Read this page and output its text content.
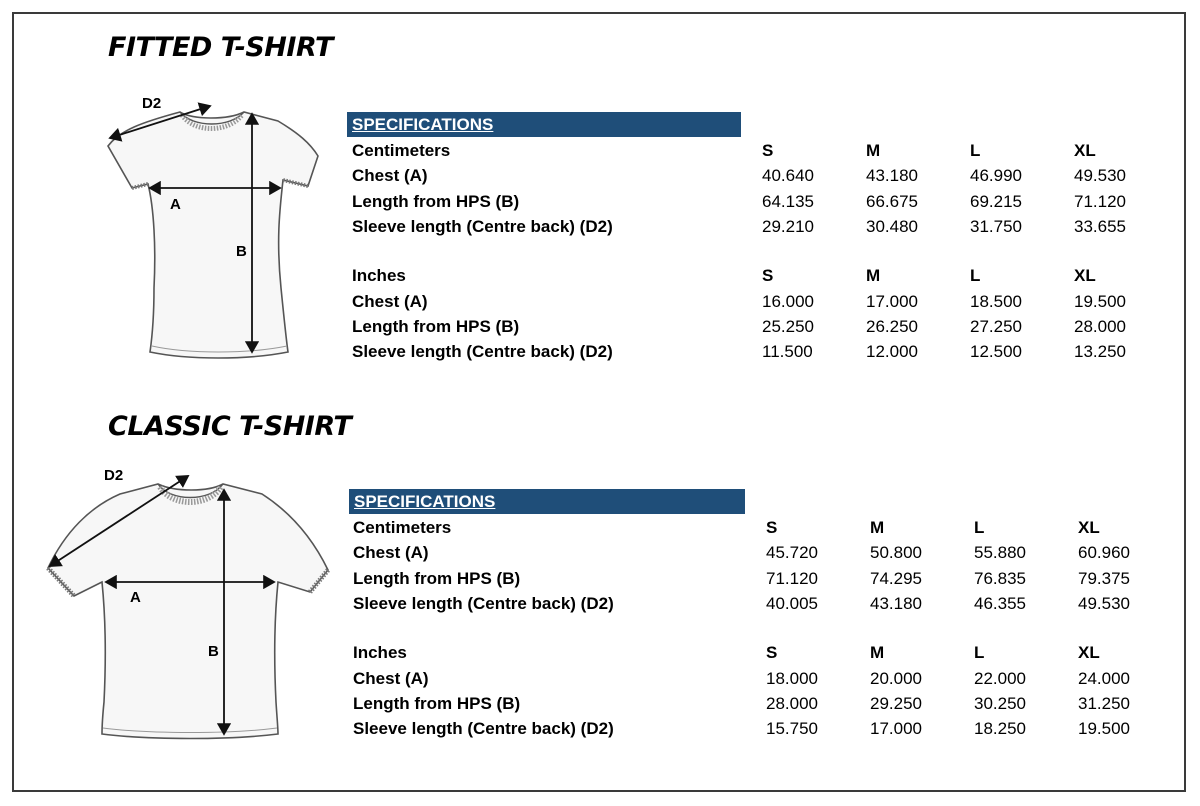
FITTED T-SHIRT
D2
A
B
SPECIFICATIONS
Centimeters	S	M	L	XL
Chest (A)	40.640	43.180	46.990	49.530
Length from HPS (B)	64.135	66.675	69.215	71.120
Sleeve length (Centre back) (D2)	29.210	30.480	31.750	33.655

Inches	S	M	L	XL
Chest (A)	16.000	17.000	18.500	19.500
Length from HPS (B)	25.250	26.250	27.250	28.000
Sleeve length (Centre back) (D2)	11.500	12.000	12.500	13.250
CLASSIC T-SHIRT
D2
A
B
SPECIFICATIONS
Centimeters	S	M	L	XL
Chest (A)	45.720	50.800	55.880	60.960
Length from HPS (B)	71.120	74.295	76.835	79.375
Sleeve length (Centre back) (D2)	40.005	43.180	46.355	49.530

Inches	S	M	L	XL
Chest (A)	18.000	20.000	22.000	24.000
Length from HPS (B)	28.000	29.250	30.250	31.250
Sleeve length (Centre back) (D2)	15.750	17.000	18.250	19.500
